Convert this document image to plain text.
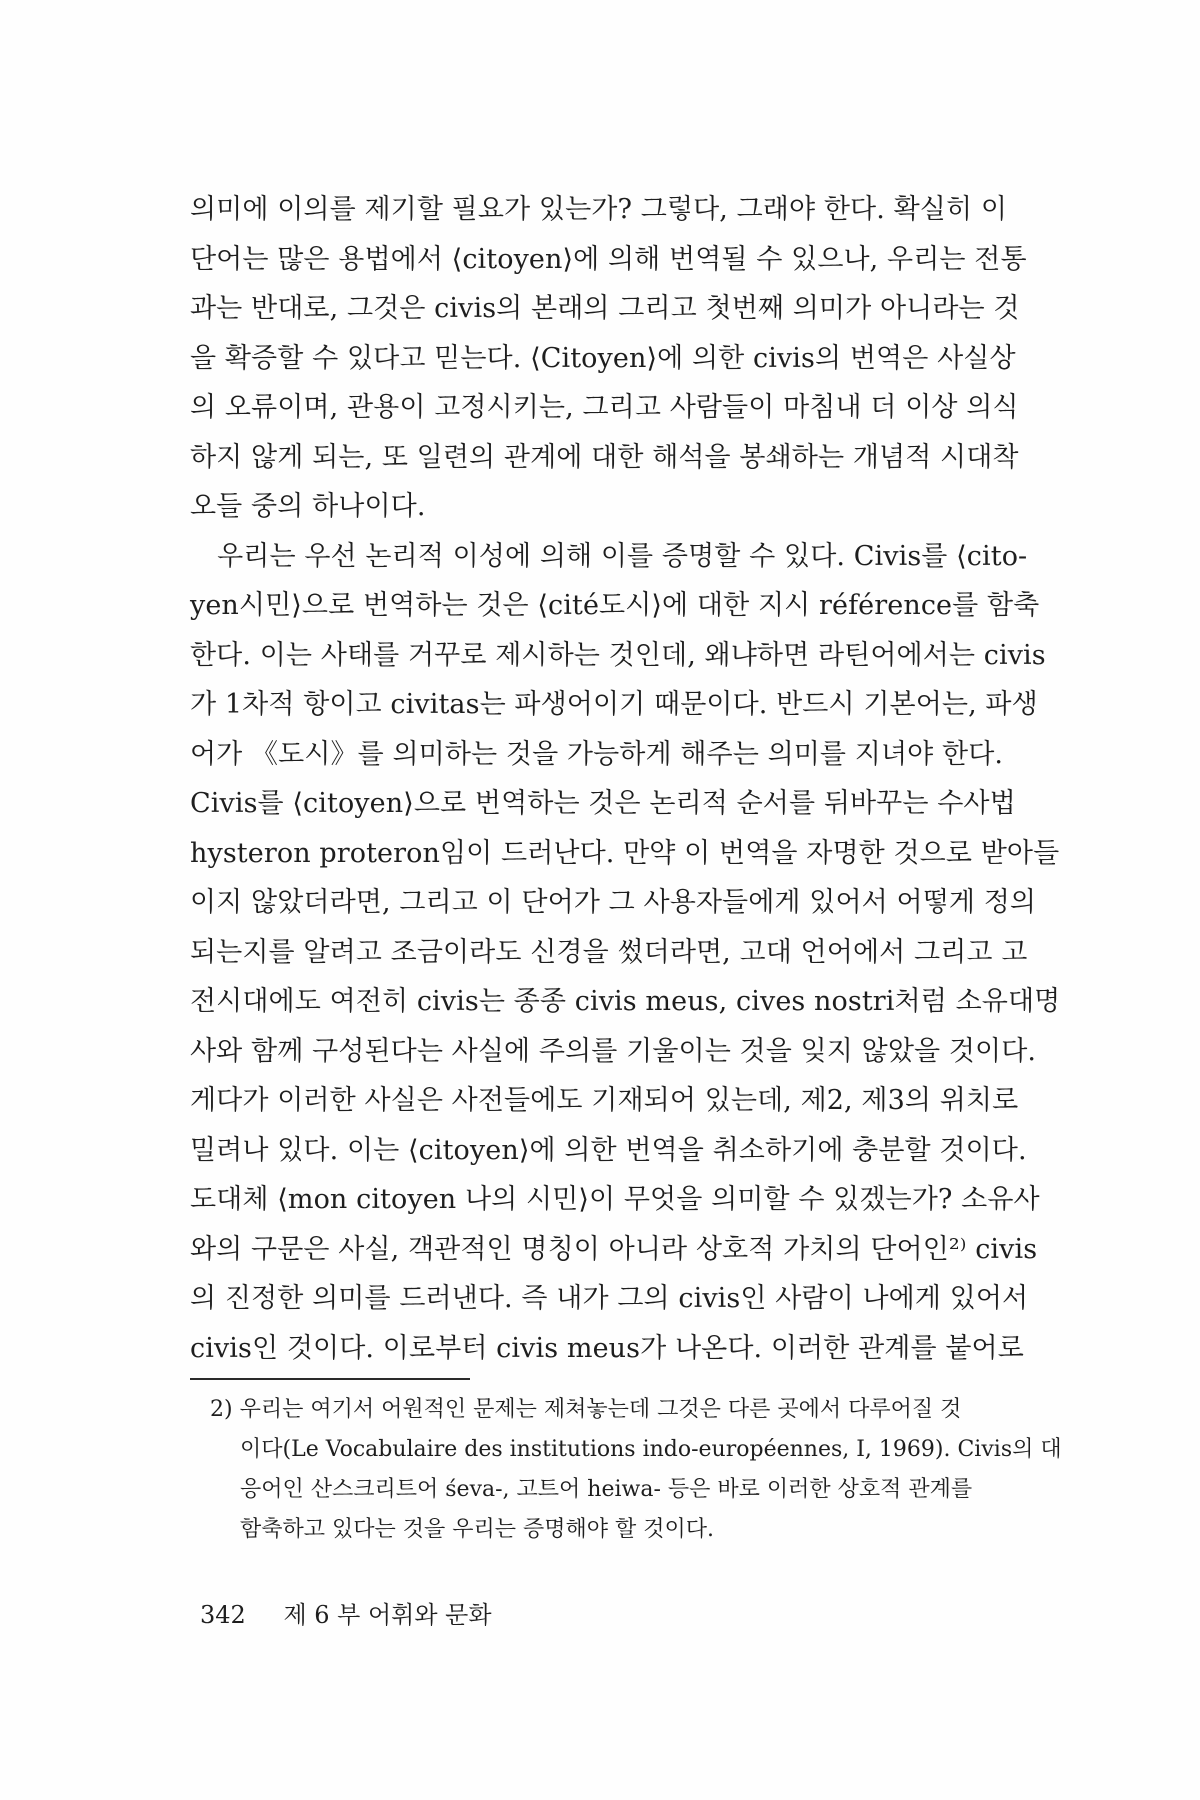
의미에 이의를 제기할 필요가 있는가? 그렇다, 그래야 한다. 확실히 이
단어는 많은 용법에서 ⟨citoyen⟩에 의해 번역될 수 있으나, 우리는 전통
과는 반대로, 그것은 civis의 본래의 그리고 첫번째 의미가 아니라는 것
을 확증할 수 있다고 믿는다. ⟨Citoyen⟩에 의한 civis의 번역은 사실상
의 오류이며, 관용이 고정시키는, 그리고 사람들이 마침내 더 이상 의식
하지 않게 되는, 또 일련의 관계에 대한 해석을 봉쇄하는 개념적 시대착
오들 중의 하나이다.
　우리는 우선 논리적 이성에 의해 이를 증명할 수 있다. Civis를 ⟨cito-
yen시민⟩으로 번역하는 것은 ⟨cité도시⟩에 대한 지시 référence를 함축
한다. 이는 사태를 거꾸로 제시하는 것인데, 왜냐하면 라틴어에서는 civis
가 1차적 항이고 civitas는 파생어이기 때문이다. 반드시 기본어는, 파생
어가 《도시》를 의미하는 것을 가능하게 해주는 의미를 지녀야 한다.
Civis를 ⟨citoyen⟩으로 번역하는 것은 논리적 순서를 뒤바꾸는 수사법
hysteron proteron임이 드러난다. 만약 이 번역을 자명한 것으로 받아들
이지 않았더라면, 그리고 이 단어가 그 사용자들에게 있어서 어떻게 정의
되는지를 알려고 조금이라도 신경을 썼더라면, 고대 언어에서 그리고 고
전시대에도 여전히 civis는 종종 civis meus, cives nostri처럼 소유대명
사와 함께 구성된다는 사실에 주의를 기울이는 것을 잊지 않았을 것이다.
게다가 이러한 사실은 사전들에도 기재되어 있는데, 제2, 제3의 위치로
밀려나 있다. 이는 ⟨citoyen⟩에 의한 번역을 취소하기에 충분할 것이다.
도대체 ⟨mon citoyen 나의 시민⟩이 무엇을 의미할 수 있겠는가? 소유사
와의 구문은 사실, 객관적인 명칭이 아니라 상호적 가치의 단어인²⁾ civis
의 진정한 의미를 드러낸다. 즉 내가 그의 civis인 사람이 나에게 있어서
civis인 것이다. 이로부터 civis meus가 나온다. 이러한 관계를 붙어로
2) 우리는 여기서 어원적인 문제는 제쳐놓는데 그것은 다른 곳에서 다루어질 것
이다(Le Vocabulaire des institutions indo-européennes, I, 1969). Civis의 대
응어인 산스크리트어 śeva-, 고트어 heiwa- 등은 바로 이러한 상호적 관계를
함축하고 있다는 것을 우리는 증명해야 할 것이다.
342 제 6 부 어휘와 문화
